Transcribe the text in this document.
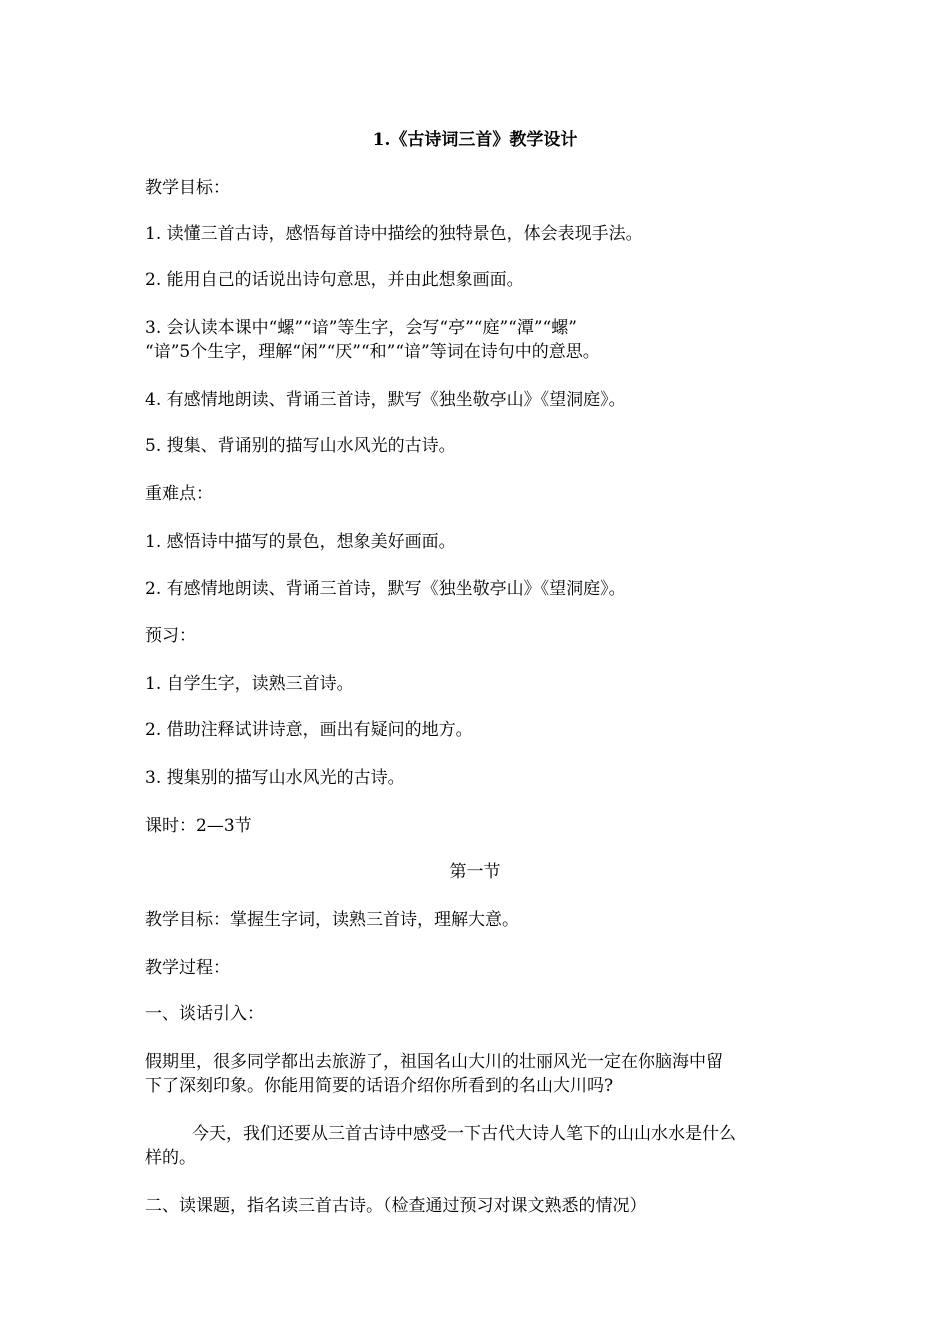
1.《古诗词三首》教学设计
教学目标：
1. 读懂三首古诗，感悟每首诗中描绘的独特景色，体会表现手法。
2. 能用自己的话说出诗句意思，并由此想象画面。
3. 会认读本课中“螺”“谙”等生字，会写“亭”“庭”“潭”“螺”
“谙”5个生字，理解“闲”“厌”“和”“谙”等词在诗句中的意思。
4. 有感情地朗读、背诵三首诗，默写《独坐敬亭山》《望洞庭》。
5. 搜集、背诵别的描写山水风光的古诗。
重难点：
1. 感悟诗中描写的景色，想象美好画面。
2. 有感情地朗读、背诵三首诗，默写《独坐敬亭山》《望洞庭》。
预习：
1. 自学生字，读熟三首诗。
2. 借助注释试讲诗意，画出有疑问的地方。
3. 搜集别的描写山水风光的古诗。
课时：2—3节
第一节
教学目标：掌握生字词，读熟三首诗，理解大意。
教学过程：
一、谈话引入：
假期里，很多同学都出去旅游了，祖国名山大川的壮丽风光一定在你脑海中留
下了深刻印象。你能用简要的话语介绍你所看到的名山大川吗?
今天，我们还要从三首古诗中感受一下古代大诗人笔下的山山水水是什么
样的。
二、读课题，指名读三首古诗。（检查通过预习对课文熟悉的情况）
